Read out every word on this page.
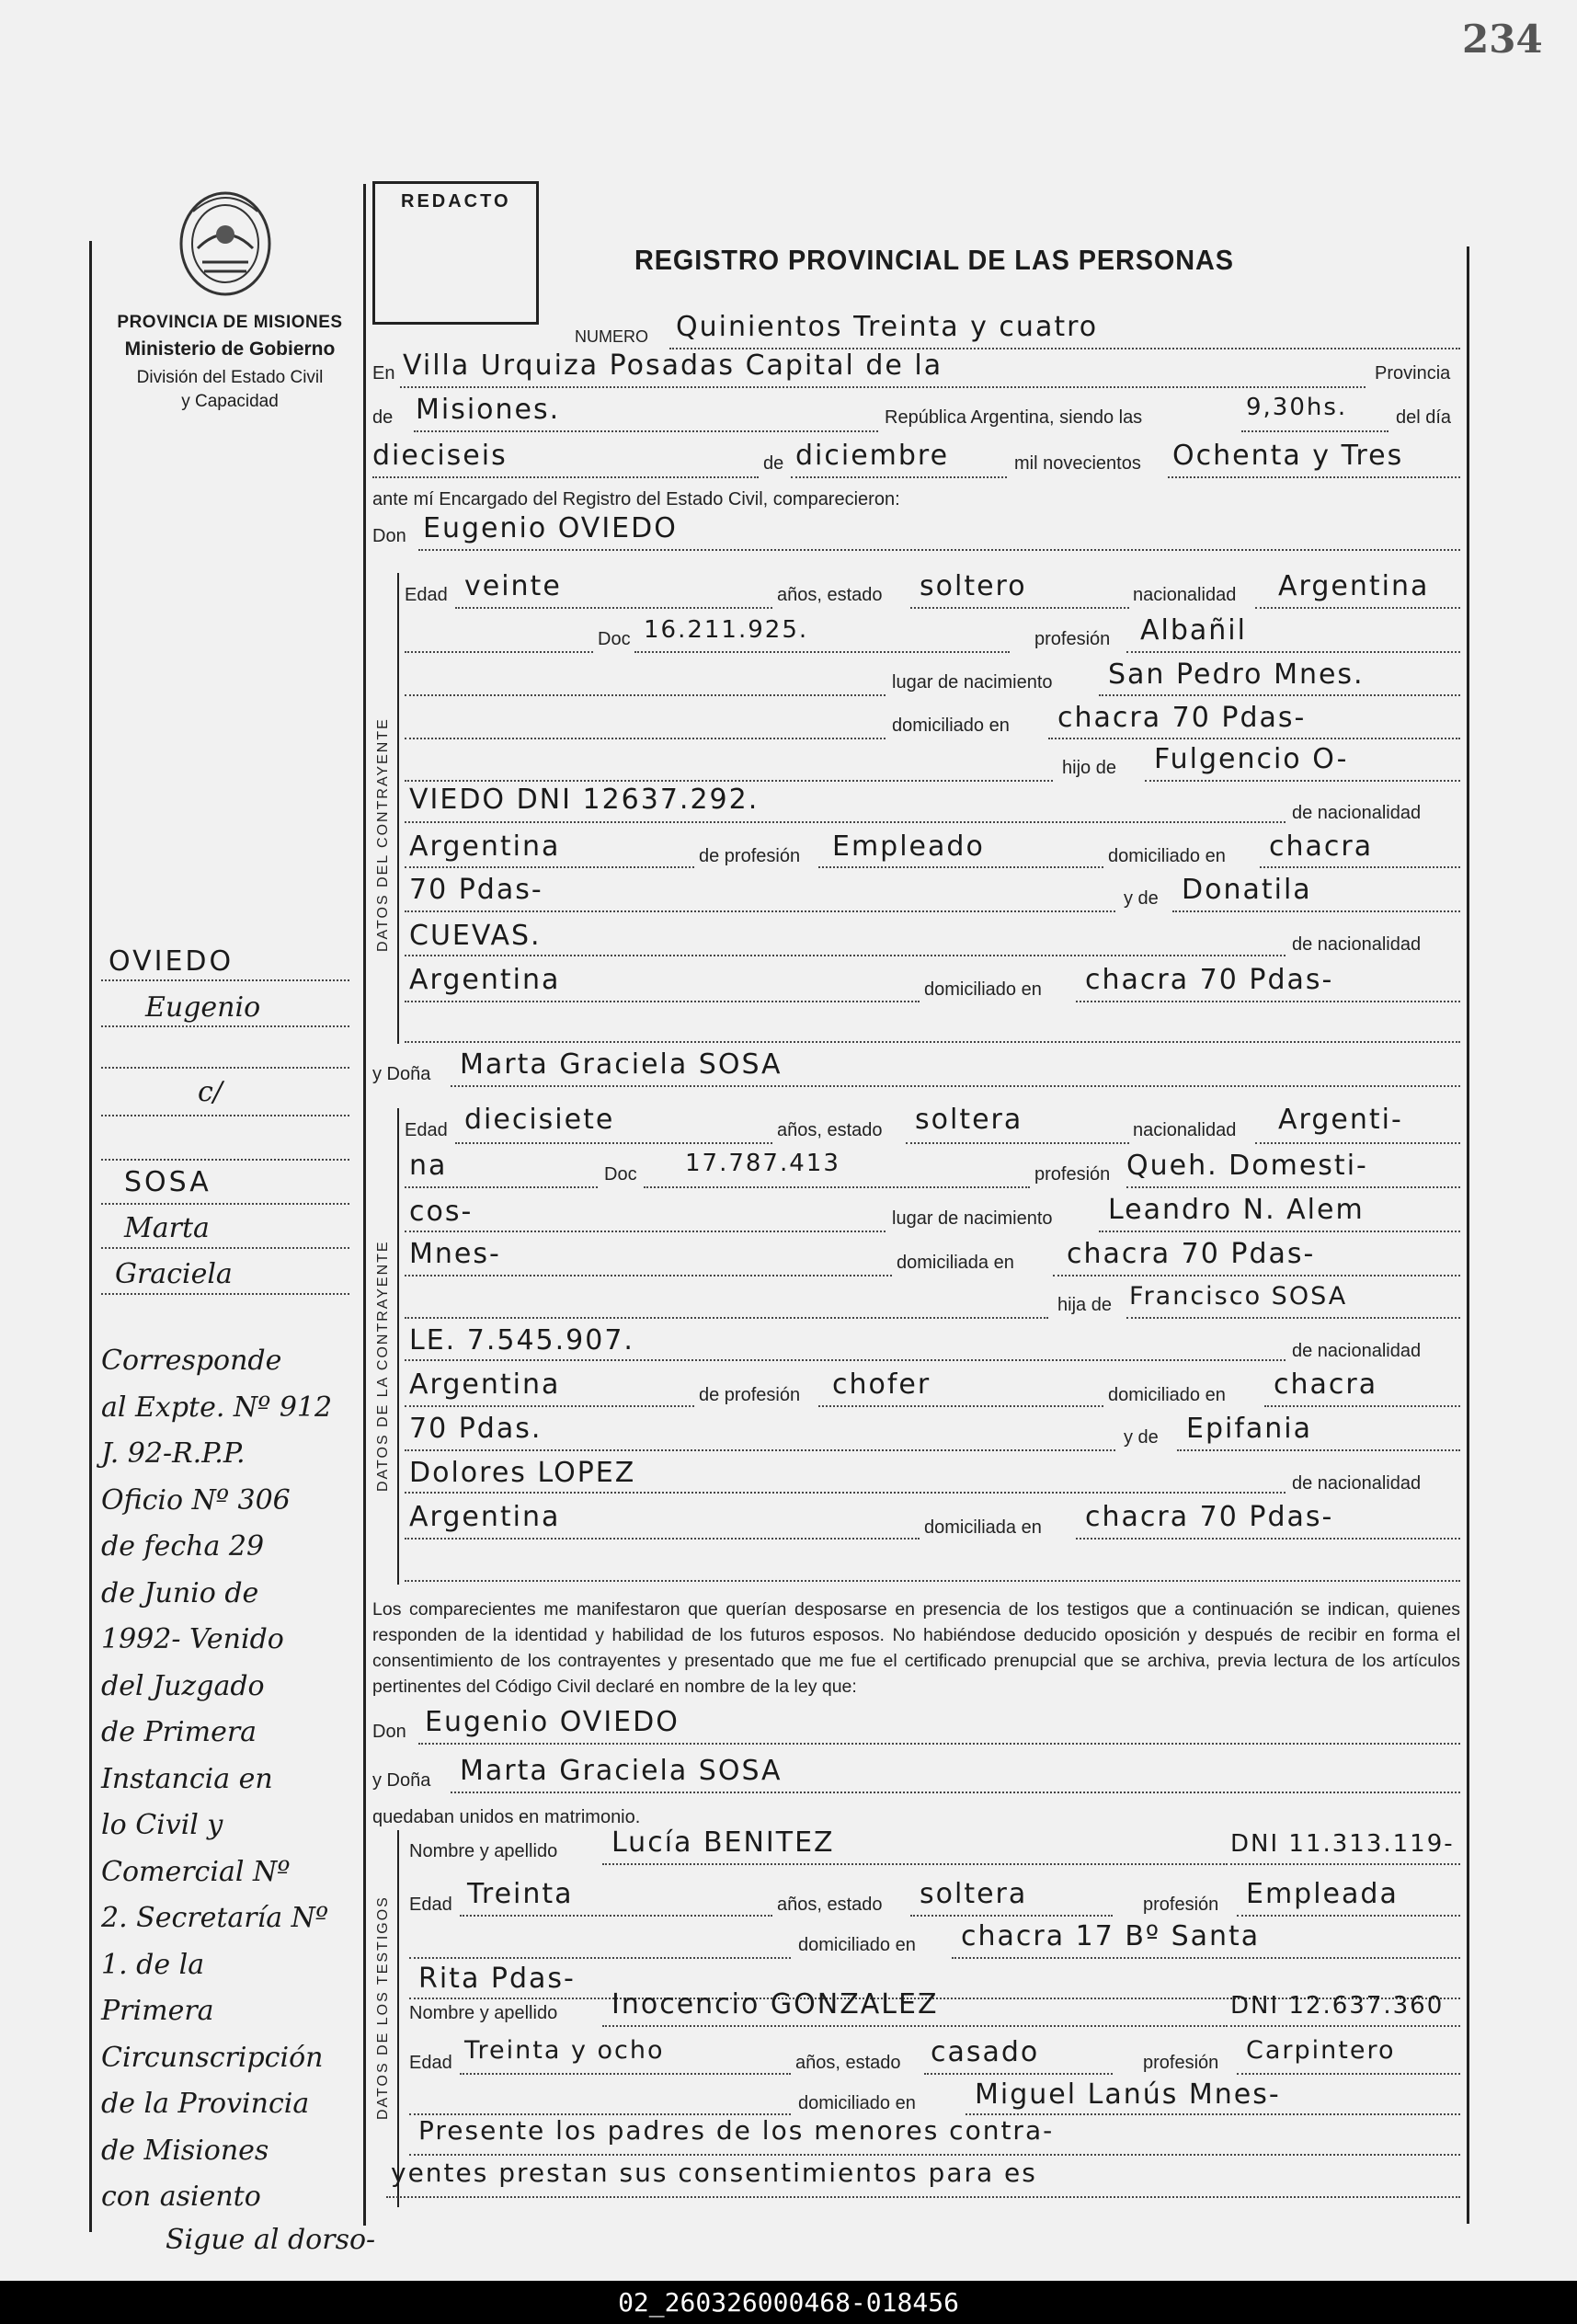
234
PROVINCIA DE MISIONES
Ministerio de Gobierno
División del Estado Civil
y Capacidad
REDACTO
REGISTRO PROVINCIAL DE LAS PERSONAS
NUMERO Quinientos Treinta y cuatro
En Villa Urquiza Posadas Capital de la	Provincia
de Misiones.	República Argentina, siendo las	9,30hs.	del día
dieciseis	de diciembre	mil novecientos Ochenta y Tres
ante mí Encargado del Registro del Estado Civil, comparecieron:
Don Eugenio OVIEDO
DATOS DEL CONTRAYENTE
Edad veinte	años, estado soltero	nacionalidad Argentina
Doc 16.211.925.	profesión Albañil
lugar de nacimiento San Pedro Mnes.
domiciliado en chacra 70 Pdas-
hijo de Fulgencio O-
VIEDO DNI 12637.292.	de nacionalidad
Argentina	de profesión Empleado	domiciliado en chacra
70 Pdas-	y de Donatila
CUEVAS.	de nacionalidad
Argentina	domiciliado en chacra 70 Pdas-
y Doña Marta Graciela SOSA
DATOS DE LA CONTRAYENTE
Edad diecisiete	años, estado soltera	nacionalidad Argenti-
na	Doc 17.787.413	profesión Queh. Domesti-
cos-	lugar de nacimiento Leandro N. Alem
Mnes-	domiciliada en chacra 70 Pdas-
hija de Francisco SOSA
LE. 7.545.907.	de nacionalidad
Argentina	de profesión chofer	domiciliado en chacra
70 Pdas.	y de Epifania
Dolores LOPEZ	de nacionalidad
Argentina	domiciliada en chacra 70 Pdas-
Los comparecientes me manifestaron que querían desposarse en presencia de los testigos que a continuación se indican, quienes responden de la identidad y habilidad de los futuros esposos. No habiéndose deducido oposición y después de recibir en forma el consentimiento de los contrayentes y presentado que me fue el certificado prenupcial que se archiva, previa lectura de los artículos pertinentes del Código Civil declaré en nombre de la ley que:
Don Eugenio OVIEDO
y Doña Marta Graciela SOSA
quedaban unidos en matrimonio.
DATOS DE LOS TESTIGOS
Nombre y apellido Lucía BENITEZ	DNI 11.313.119-
Edad Treinta	años, estado soltera	profesión Empleada
domiciliado en chacra 17 Bº Santa
Rita Pdas-
Nombre y apellido Inocencio GONZALEZ	DNI 12.637.360
Edad Treinta y ocho	años, estado casado	profesión Carpintero
domiciliado en Miguel Lanús Mnes-
Presente los padres de los menores contra-
yentes prestan sus consentimientos para es
OVIEDO
Eugenio
c/
SOSA
Marta
Graciela
Corresponde
al Expte. Nº 912
J. 92-R.P.P.
Oficio Nº 306
de fecha 29
de Junio de
1992- Venido
del Juzgado
de Primera
Instancia en
lo Civil y
Comercial Nº
2. Secretaría Nº
1. de la
Primera
Circunscripción
de la Provincia
de Misiones
con asiento
Sigue al dorso-
02_260326000468-018456
